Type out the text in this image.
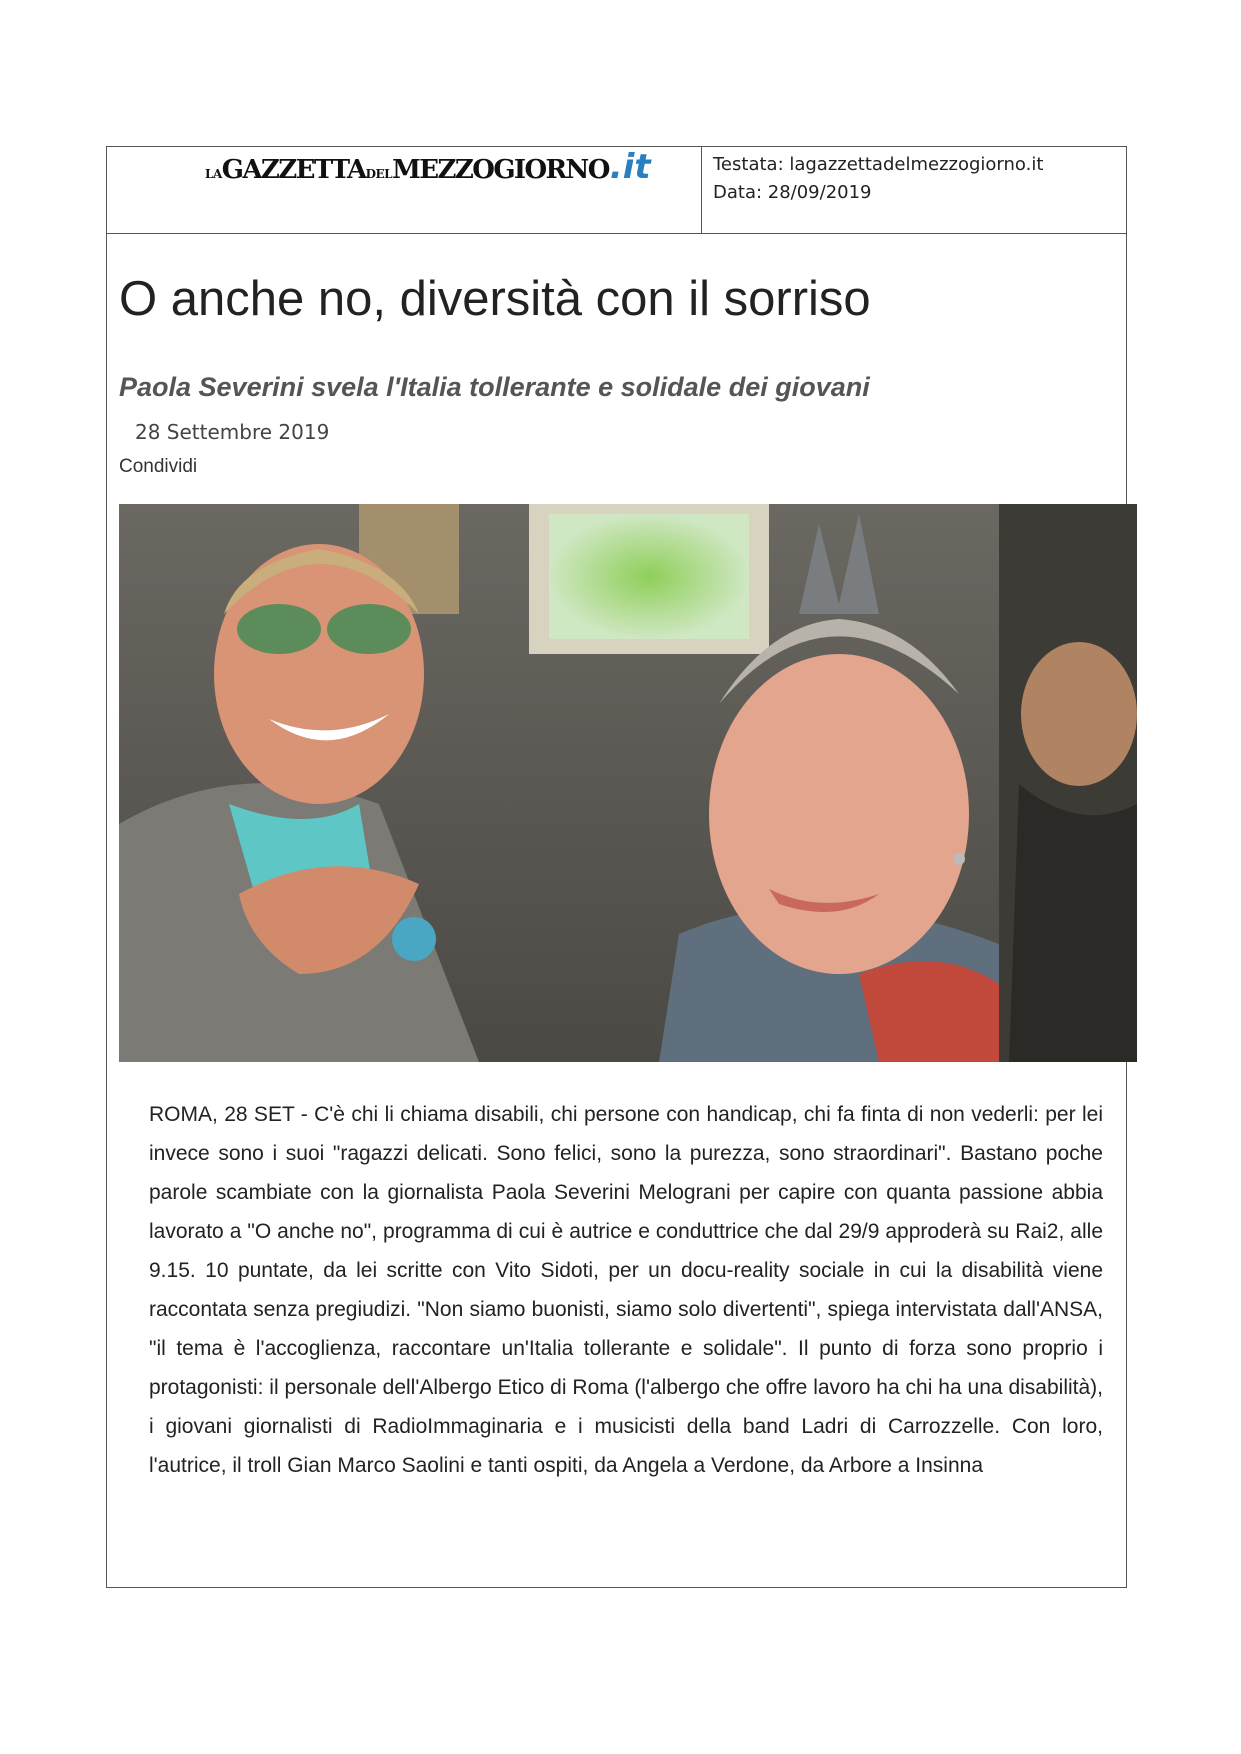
LA GAZZETTA DEL MEZZOGIORNO .it	Testata: lagazzettadelmezzogiorno.it
Data: 28/09/2019
O anche no, diversità con il sorriso
Paola Severini svela l'Italia tollerante e solidale dei giovani
28 Settembre 2019
Condividi

ROMA, 28 SET - C'è chi li chiama disabili, chi persone con handicap, chi fa finta di non vederli: per lei invece sono i suoi "ragazzi delicati. Sono felici, sono la purezza, sono straordinari". Bastano poche parole scambiate con la giornalista Paola Severini Melograni per capire con quanta passione abbia lavorato a "O anche no", programma di cui è autrice e conduttrice che dal 29/9 approderà su Rai2, alle 9.15. 10 puntate, da lei scritte con Vito Sidoti, per un docu-reality sociale in cui la disabilità viene raccontata senza pregiudizi. "Non siamo buonisti, siamo solo divertenti", spiega intervistata dall'ANSA, "il tema è l'accoglienza, raccontare un'Italia tollerante e solidale". Il punto di forza sono proprio i protagonisti: il personale dell'Albergo Etico di Roma (l'albergo che offre lavoro ha chi ha una disabilità), i giovani giornalisti di RadioImmaginaria e i musicisti della band Ladri di Carrozzelle. Con loro, l'autrice, il troll Gian Marco Saolini e tanti ospiti, da Angela a Verdone, da Arbore a Insinna
